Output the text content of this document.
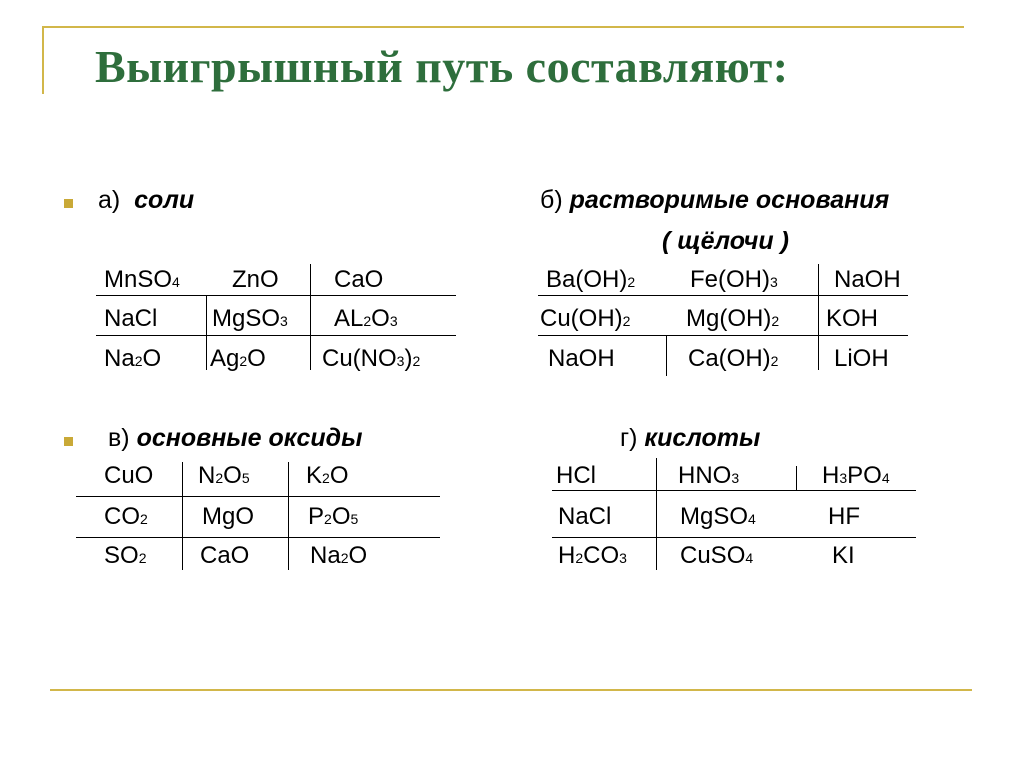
Выигрышный путь составляют:
а) соли
MnSO4 ZnO CaO
NaCl MgSO3 AL2O3
Na2O Ag2O Cu(NO3)2
б) растворимые основания
( щёлочи )
Ba(OH)2 Fe(OH)3 NaOH
Cu(OH)2 Mg(OH)2 KOH
NaOH	Ca(OH)2 LiOH
в) основные оксиды
CuO N2O5 K2O
CO2 MgO P2O5
SO2 CaO	Na2O
г) кислоты
HCl	HNO3	H3PO4
NaCl	MgSO4	HF
H2CO3 CuSO4	KI
